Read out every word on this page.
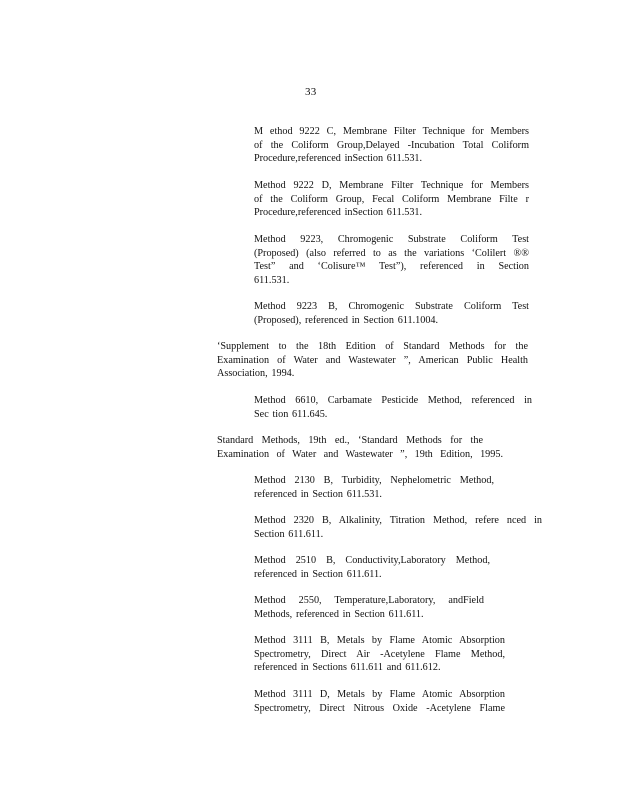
33

M ethod 9222 C, Membrane Filter Technique for Members
of the Coliform Group,Delayed -Incubation Total Coliform
Procedure,referenced inSection 611.531.

Method 9222 D, Membrane Filter Technique for Members
of the Coliform Group, Fecal Coliform Membrane Filte r
Procedure,referenced inSection 611.531.

Method 9223, Chromogenic Substrate Coliform Test
(Proposed) (also referred to as the variations ‘Colilert ®®
Test” and ‘Colisure™ Test”), referenced in Section
611.531.

Method 9223 B, Chromogenic Substrate Coliform Test
(Proposed), referenced in Section 611.1004.

‘Supplement to the 18th Edition of Standard Methods for the
Examination of Water and Wastewater ”, American Public Health
Association, 1994.

Method 6610, Carbamate Pesticide Method, referenced in
Sec tion 611.645.

Standard Methods, 19th ed., ‘Standard Methods for the
Examination of Water and Wastewater ”, 19th Edition, 1995.

Method 2130 B, Turbidity, Nephelometric Method,
referenced in Section 611.531.

Method 2320 B, Alkalinity, Titration Method, refere nced in
Section 611.611.

Method 2510 B, Conductivity,Laboratory Method,
referenced in Section 611.611.

Method 2550, Temperature,Laboratory, andField
Methods, referenced in Section 611.611.

Method 3111 B, Metals by Flame Atomic Absorption
Spectrometry, Direct Air -Acetylene Flame Method,
referenced in Sections 611.611 and 611.612.

Method 3111 D, Metals by Flame Atomic Absorption
Spectrometry, Direct Nitrous Oxide -Acetylene Flame
